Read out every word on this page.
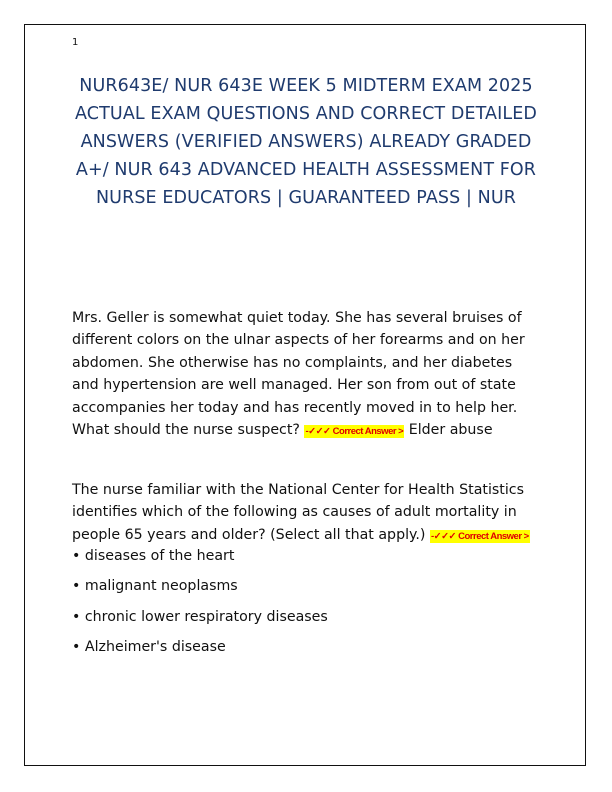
1
NUR643E/ NUR 643E WEEK 5 MIDTERM EXAM 2025 ACTUAL EXAM QUESTIONS AND CORRECT DETAILED ANSWERS (VERIFIED ANSWERS) ALREADY GRADED A+/ NUR 643 ADVANCED HEALTH ASSESSMENT FOR NURSE EDUCATORS | GUARANTEED PASS | NUR
Mrs. Geller is somewhat quiet today. She has several bruises of different colors on the ulnar aspects of her forearms and on her abdomen. She otherwise has no complaints, and her diabetes and hypertension are well managed. Her son from out of state accompanies her today and has recently moved in to help her. What should the nurse suspect? -✓✓✓ Correct Answer > Elder abuse
The nurse familiar with the National Center for Health Statistics identifies which of the following as causes of adult mortality in people 65 years and older? (Select all that apply.) -✓✓✓ Correct Answer >
• diseases of the heart
• malignant neoplasms
• chronic lower respiratory diseases
• Alzheimer's disease
